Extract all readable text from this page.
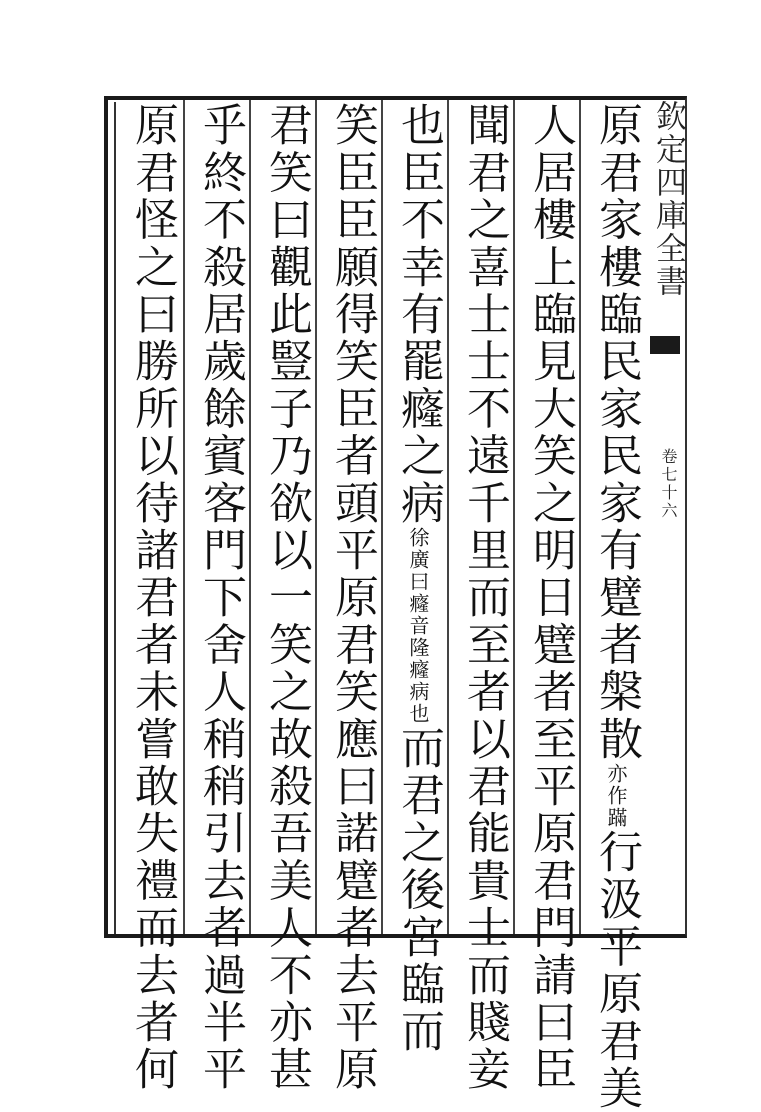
欽定四庫全書
卷七十六
原君家樓臨民家民家有躄者槃散亦作蹣行汲平原君美
人居樓上臨見大笑之明日躄者至平原君門請曰臣
聞君之喜士士不遠千里而至者以君能貴士而賤妾
也臣不幸有罷癃之病徐廣曰癃音隆癃病也而君之後宮臨而
笑臣臣願得笑臣者頭平原君笑應曰諾躄者去平原
君笑曰觀此豎子乃欲以一笑之故殺吾美人不亦甚
乎終不殺居歲餘賓客門下舍人稍稍引去者過半平
原君怪之曰勝所以待諸君者未嘗敢失禮而去者何
